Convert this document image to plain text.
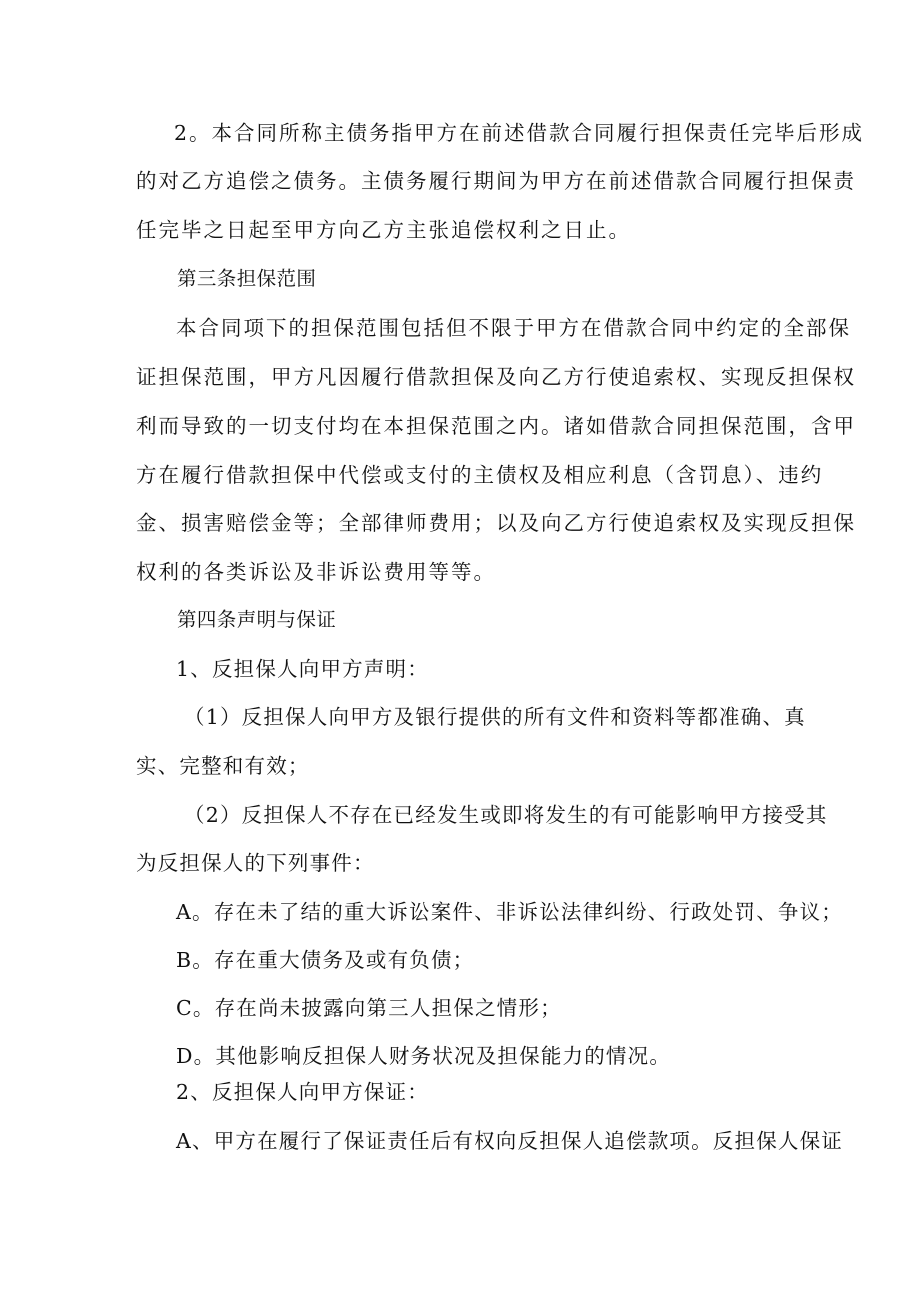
2。本合同所称主债务指甲方在前述借款合同履行担保责任完毕后形成

的对乙方追偿之债务。主债务履行期间为甲方在前述借款合同履行担保责

任完毕之日起至甲方向乙方主张追偿权利之日止。

第三条担保范围

本合同项下的担保范围包括但不限于甲方在借款合同中约定的全部保

证担保范围，甲方凡因履行借款担保及向乙方行使追索权、实现反担保权

利而导致的一切支付均在本担保范围之内。诸如借款合同担保范围，含甲

方在履行借款担保中代偿或支付的主债权及相应利息（含罚息）、违约

金、损害赔偿金等；全部律师费用；以及向乙方行使追索权及实现反担保

权利的各类诉讼及非诉讼费用等等。

第四条声明与保证

1、反担保人向甲方声明：

（1）反担保人向甲方及银行提供的所有文件和资料等都准确、真

实、完整和有效；

（2）反担保人不存在已经发生或即将发生的有可能影响甲方接受其

为反担保人的下列事件：

A。存在未了结的重大诉讼案件、非诉讼法律纠纷、行政处罚、争议；

B。存在重大债务及或有负债；

C。存在尚未披露向第三人担保之情形；

D。其他影响反担保人财务状况及担保能力的情况。

2、反担保人向甲方保证：

A、甲方在履行了保证责任后有权向反担保人追偿款项。反担保人保证
